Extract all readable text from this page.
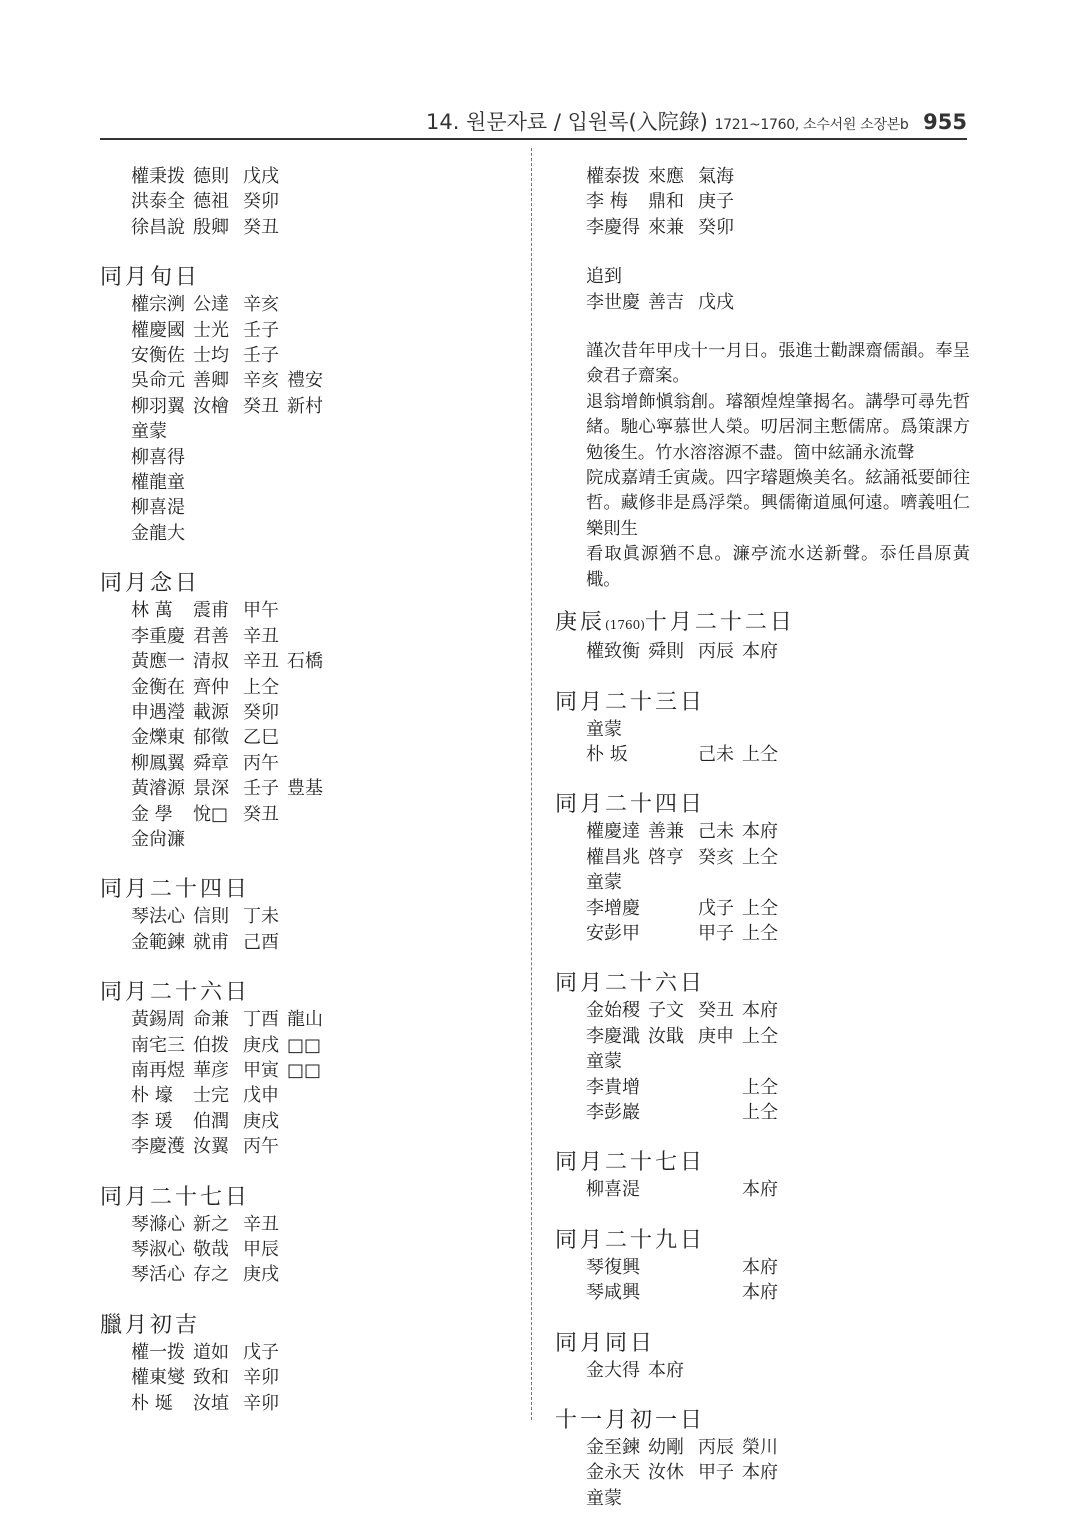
14. 원문자료 / 입원록(入院錄) 1721~1760, 소수서원 소장본b 955
權秉拨 德則 戊戌
洪泰全 德祖 癸卯
徐昌說 殷卿 癸丑
同月旬日
權宗㴊 公達 辛亥
權慶國 士光 壬子
安衡佐 士均 壬子
吳命元 善卿 辛亥 禮安
柳羽翼 汝檜 癸丑 新村
童蒙
柳喜得
權龍童
柳喜湜
金龍大
同月念日
林 萬 震甫 甲午
李重慶 君善 辛丑
黃應一 清叔 辛丑 石橋
金衡在 齊仲 上仝
申遇瀅 載源 癸卯
金爍東 郁徵 乙巳
柳鳳翼 舜章 丙午
黃濬源 景深 壬子 豊基
金 學 悅□ 癸丑
金尙濂
同月二十四日
琴法心 信則 丁未
金範鍊 就甫 己酉
同月二十六日
黃錫周 命兼 丁酉 龍山
南宅三 伯拨 庚戌 □□
南再煜 華彦 甲寅 □□
朴 壕 士完 戊申
李 瑗 伯潤 庚戌
李慶濩 汝翼 丙午
同月二十七日
琴滌心 新之 辛丑
琴淑心 敬哉 甲辰
琴活心 存之 庚戌
臘月初吉
權一拨 道如 戊子
權東燮 致和 辛卯
朴 埏 汝埴 辛卯
權泰拨 來應 氣海
李 梅 鼎和 庚子
李慶得 來兼 癸卯
追到
李世慶 善吉 戊戌

謹次昔年甲戌十一月日。張進士勸課齋儒韻。奉呈僉君子齋案。

退翁增飾愼翁創。璿額煌煌肇揭名。講學可尋先哲緒。馳心寧慕世人榮。叨居洞主慙儒席。爲策課方勉後生。竹水溶溶源不盡。箇中絃誦永流聲

院成嘉靖壬寅歲。四字璿題煥美名。絃誦祗要師往哲。藏修非是爲浮榮。興儒衛道風何遠。嚌義咀仁樂則生

看取眞源猶不息。濂亭流水送新聲。忝任昌原黃檝。

庚辰(1760)十月二十二日
權致衡 舜則 丙辰 本府
同月二十三日
童蒙
朴 坂	己未 上仝
同月二十四日
權慶達 善兼 己未 本府
權昌兆 啓亨 癸亥 上仝
童蒙
李增慶	戊子 上仝
安彭甲	甲子 上仝
同月二十六日
金始稷 子文 癸丑 本府
李慶濈 汝戢 庚申 上仝
童蒙
李貴增	上仝
李彭巖	上仝
同月二十七日
柳喜湜	本府
同月二十九日
琴復興	本府
琴咸興	本府
同月同日
金大得 本府
十一月初一日
金至鍊 幼剛 丙辰 榮川
金永天 汝休 甲子 本府
童蒙
